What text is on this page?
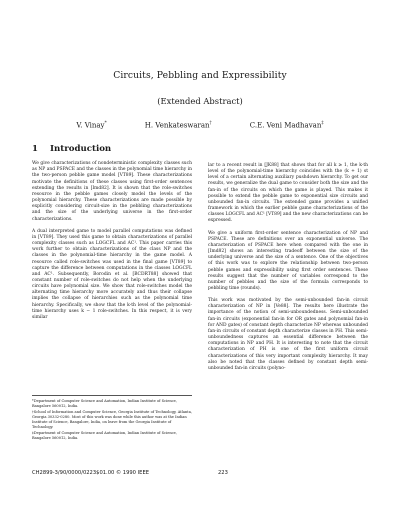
Circuits, Pebbling and Expressibility
(Extended Abstract)
V. Vinay*	H. Venkateswaran†	C.E. Veni Madhavan‡
1 Introduction

We give characterizations of nondeterministic complexity classes such as NP and PSPACE and the classes in the polynomial time hierarchy in the two-person pebble game model [VT89]. These characterizations motivate the definitions of these classes using first-order sentences extending the results in [Imd82]. It is shown that the role-switches resource in the pebble games closely model the levels of the polynomial hierarchy. These characterizations are made possible by explicitly considering circuit-size in the pebbling characterizations and the size of the underlying universe in the first-order characterizations.

A dual interpreted game to model parallel computations was defined in [VT89]. They used this game to obtain characterizations of parallel complexity classes such as LOGCFL and AC¹. This paper carries this work further to obtain characterizations of the class NP and the classes in the polynomial-time hierarchy in the game model. A resource called role-switches was used in the final game [VT89] to capture the difference between computations in the classes LOGCFL and AC¹. Subsequently, Borodin et al. [BCDRT88] showed that constant number of role-switches do not help when the underlying circuits have polynomial size. We show that role-switches model the alternating time hierarchy more accurately and thus their collapse implies the collapse of hierarchies such as the polynomial time hierarchy. Specifically, we show that the k-th level of the polynomial-time hierarchy uses k − 1 role-switches. In this respect, it is very similar

*Department of Computer Science and Automation, Indian Institute of Science, Bangalore 560012, India.

†School of Information and Computer Science, Georgia Institute of Technology, Atlanta, Georgia 30332-0280. Most of this work was done while this author was at the Indian Institute of Science, Bangalore, India, on leave from the Georgia Institute of Technology.

‡Department of Computer Science and Automation, Indian Institute of Science, Bangalore 560012, India.

lar to a recent result in [JK88] that shows that for all k ≥ 1, the k-th level of the polynomial-time hierarchy coincides with the (k + 1) st level of a certain alternating auxiliary pushdown hierarchy. To get our results, we generalize the dual game to consider both the size and the fan-in of the circuits on which the game is played. This makes it possible to extend the pebble game to exponential size circuits and unbounded fan-in circuits. The extended game provides a unified framework in which the earlier pebble game characterizations of the classes LOGCFL and AC¹ [VT89] and the new characterizations can be expressed.

We give a uniform first-order sentence characterization of NP and PSPACE. These are definitions over an exponential universe. The characterization of PSPACE here when compared with the one in [Imd82] shows an interesting tradeoff between the size of the underlying universe and the size of a sentence. One of the objectives of this work was to explore the relationship between two-person pebble games and expressibility using first order sentences. These results suggest that the number of variables correspond to the number of pebbles and the size of the formula corresponds to pebbling time (rounds).

This work was motivated by the semi-unbounded fan-in circuit characterization of NP in [Ve88]. The results here illustrate the importance of the notion of semi-unboundedness. Semi-unbounded fan-in circuits (exponential fan-in for OR gates and polynomial fan-in for AND gates) of constant depth characterize NP whereas unbounded fan-in circuits of constant depth characterize classes in PH. This semi-unboundedness captures an essential difference between the computations in NP and PH. It is interesting to note that the circuit characterization of PH is one of the first uniform circuit characterizations of this very important complexity hierarchy. It may also be noted that the classes defined by constant depth semi-unbounded fan-in circuits (polyno-

CH2899-3/90/0000/0223$01.00 © 1990 IEEE	223
